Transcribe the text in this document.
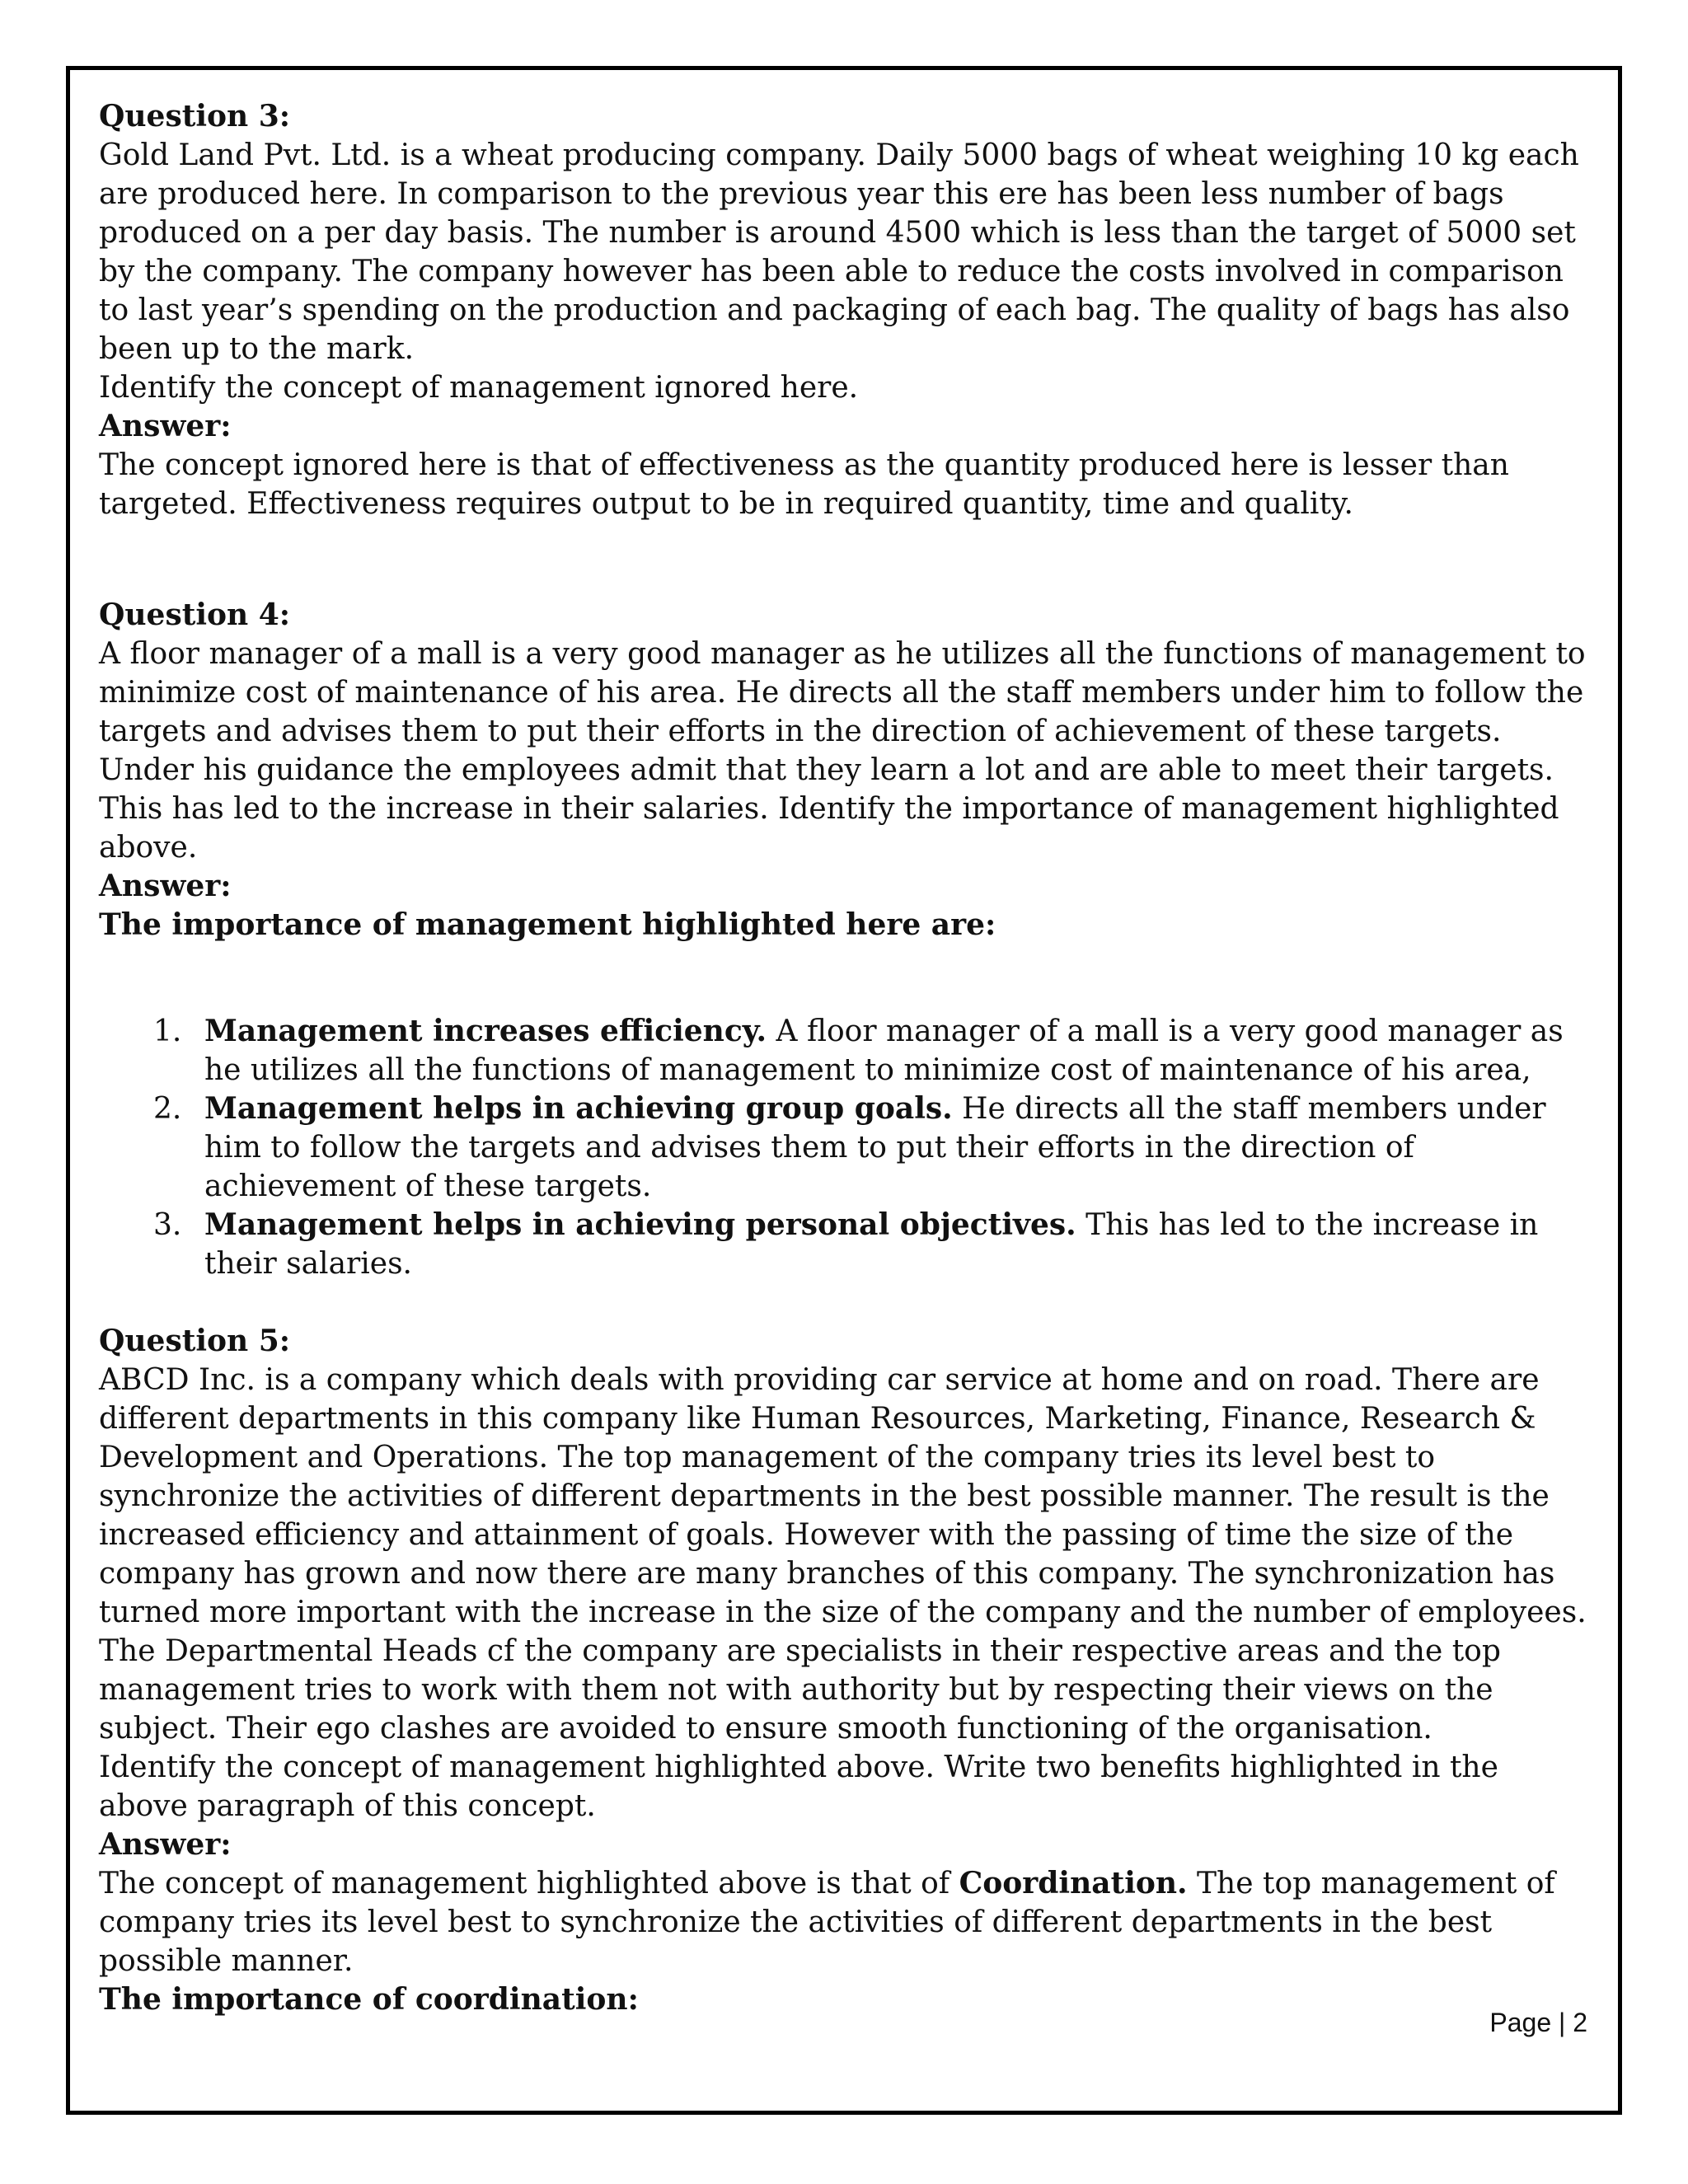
Question 3:

Gold Land Pvt. Ltd. is a wheat producing company. Daily 5000 bags of wheat weighing 10 kg each are produced here. In comparison to the previous year this ere has been less number of bags produced on a per day basis. The number is around 4500 which is less than the target of 5000 set by the company. The company however has been able to reduce the costs involved in comparison to last year’s spending on the production and packaging of each bag. The quality of bags has also been up to the mark.

Identify the concept of management ignored here.

Answer:

The concept ignored here is that of effectiveness as the quantity produced here is lesser than targeted. Effectiveness requires output to be in required quantity, time and quality.

Question 4:

A floor manager of a mall is a very good manager as he utilizes all the functions of management to minimize cost of maintenance of his area. He directs all the staff members under him to follow the targets and advises them to put their efforts in the direction of achievement of these targets. Under his guidance the employees admit that they learn a lot and are able to meet their targets. This has led to the increase in their salaries. Identify the importance of management highlighted above.

Answer:

The importance of management highlighted here are:

1. Management increases efficiency. A floor manager of a mall is a very good manager as he utilizes all the functions of management to minimize cost of maintenance of his area,
2. Management helps in achieving group goals. He directs all the staff members under him to follow the targets and advises them to put their efforts in the direction of achievement of these targets.
3. Management helps in achieving personal objectives. This has led to the increase in their salaries.

Question 5:

ABCD Inc. is a company which deals with providing car service at home and on road. There are different departments in this company like Human Resources, Marketing, Finance, Research & Development and Operations. The top management of the company tries its level best to synchronize the activities of different departments in the best possible manner. The result is the increased efficiency and attainment of goals. However with the passing of time the size of the company has grown and now there are many branches of this company. The synchronization has turned more important with the increase in the size of the company and the number of employees. The Departmental Heads cf the company are specialists in their respective areas and the top management tries to work with them not with authority but by respecting their views on the subject. Their ego clashes are avoided to ensure smooth functioning of the organisation.

Identify the concept of management highlighted above. Write two benefits highlighted in the above paragraph of this concept.

Answer:

The concept of management highlighted above is that of Coordination. The top management of company tries its level best to synchronize the activities of different departments in the best possible manner.

The importance of coordination:

Page | 2
